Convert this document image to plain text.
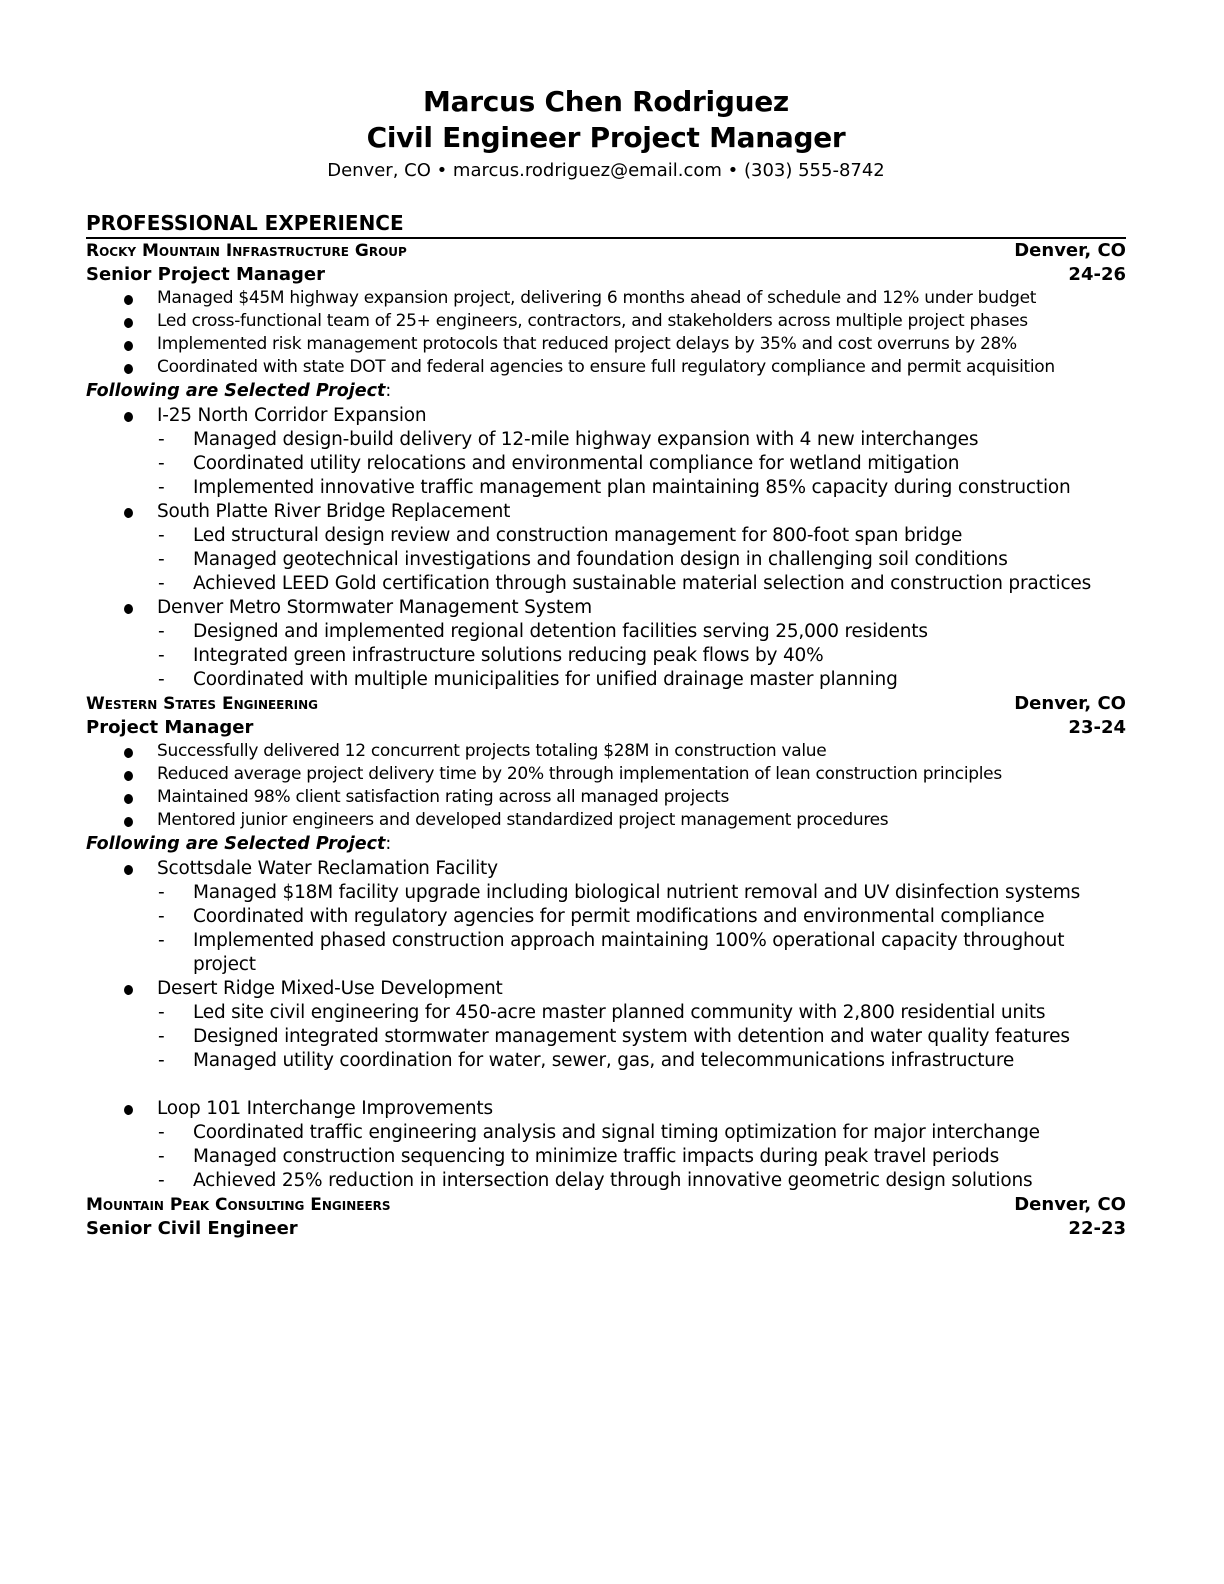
Marcus Chen Rodriguez
Civil Engineer Project Manager
Denver, CO • marcus.rodriguez@email.com • (303) 555-8742
PROFESSIONAL EXPERIENCE
Rocky Mountain Infrastructure Group	Denver, CO
Senior Project Manager	24-26
Managed $45M highway expansion project, delivering 6 months ahead of schedule and 12% under budget
Led cross-functional team of 25+ engineers, contractors, and stakeholders across multiple project phases
Implemented risk management protocols that reduced project delays by 35% and cost overruns by 28%
Coordinated with state DOT and federal agencies to ensure full regulatory compliance and permit acquisition
Following are Selected Project:
I-25 North Corridor Expansion
- Managed design-build delivery of 12-mile highway expansion with 4 new interchanges
- Coordinated utility relocations and environmental compliance for wetland mitigation
- Implemented innovative traffic management plan maintaining 85% capacity during construction
South Platte River Bridge Replacement
- Led structural design review and construction management for 800-foot span bridge
- Managed geotechnical investigations and foundation design in challenging soil conditions
- Achieved LEED Gold certification through sustainable material selection and construction practices
Denver Metro Stormwater Management System
- Designed and implemented regional detention facilities serving 25,000 residents
- Integrated green infrastructure solutions reducing peak flows by 40%
- Coordinated with multiple municipalities for unified drainage master planning
Western States Engineering	Denver, CO
Project Manager	23-24
Successfully delivered 12 concurrent projects totaling $28M in construction value
Reduced average project delivery time by 20% through implementation of lean construction principles
Maintained 98% client satisfaction rating across all managed projects
Mentored junior engineers and developed standardized project management procedures
Following are Selected Project:
Scottsdale Water Reclamation Facility
- Managed $18M facility upgrade including biological nutrient removal and UV disinfection systems
- Coordinated with regulatory agencies for permit modifications and environmental compliance
- Implemented phased construction approach maintaining 100% operational capacity throughout project
Desert Ridge Mixed-Use Development
- Led site civil engineering for 450-acre master planned community with 2,800 residential units
- Designed integrated stormwater management system with detention and water quality features
- Managed utility coordination for water, sewer, gas, and telecommunications infrastructure
Loop 101 Interchange Improvements
- Coordinated traffic engineering analysis and signal timing optimization for major interchange
- Managed construction sequencing to minimize traffic impacts during peak travel periods
- Achieved 25% reduction in intersection delay through innovative geometric design solutions
Mountain Peak Consulting Engineers	Denver, CO
Senior Civil Engineer	22-23
